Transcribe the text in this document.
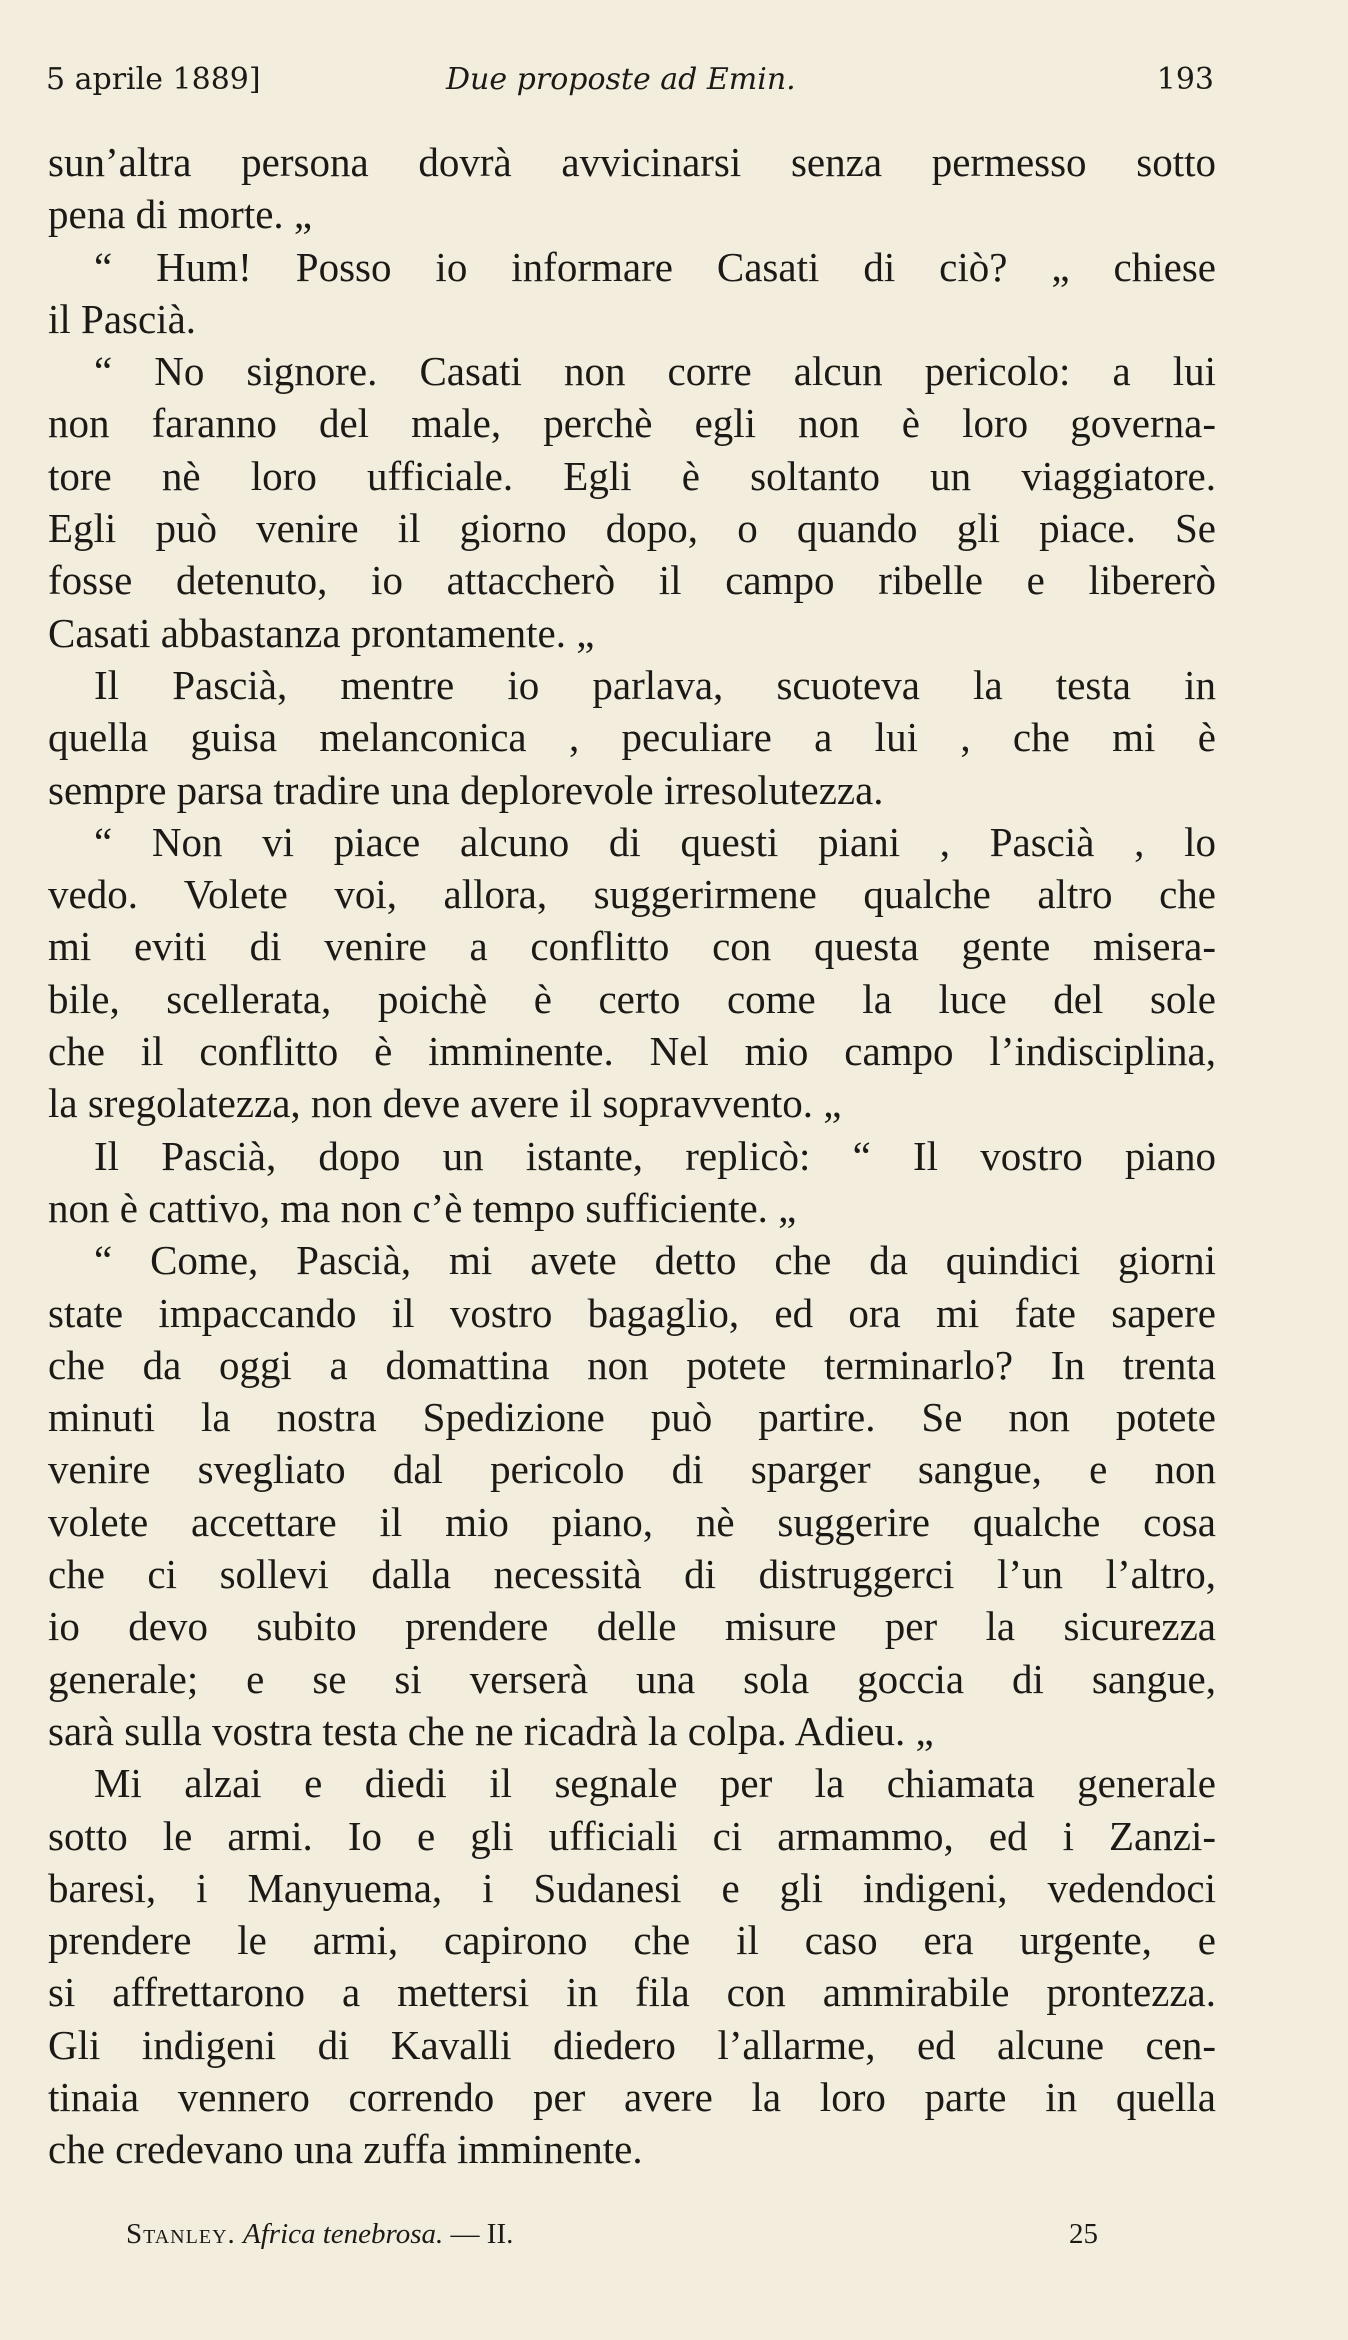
5 aprile 1889]	Due proposte ad Emin.	193
sun’altra persona dovrà avvicinarsi senza permesso sotto
pena di morte. „
“ Hum! Posso io informare Casati di ciò? „ chiese
il Pascià.
“ No signore. Casati non corre alcun pericolo: a lui
non faranno del male, perchè egli non è loro governa-
tore nè loro ufficiale. Egli è soltanto un viaggiatore.
Egli può venire il giorno dopo, o quando gli piace. Se
fosse detenuto, io attaccherò il campo ribelle e libererò
Casati abbastanza prontamente. „
Il Pascià, mentre io parlava, scuoteva la testa in
quella guisa melanconica , peculiare a lui , che mi è
sempre parsa tradire una deplorevole irresolutezza.
“ Non vi piace alcuno di questi piani , Pascià , lo
vedo. Volete voi, allora, suggerirmene qualche altro che
mi eviti di venire a conflitto con questa gente misera-
bile, scellerata, poichè è certo come la luce del sole
che il conflitto è imminente. Nel mio campo l’indisciplina,
la sregolatezza, non deve avere il sopravvento. „
Il Pascià, dopo un istante, replicò: “ Il vostro piano
non è cattivo, ma non c’è tempo sufficiente. „
“ Come, Pascià, mi avete detto che da quindici giorni
state impaccando il vostro bagaglio, ed ora mi fate sapere
che da oggi a domattina non potete terminarlo? In trenta
minuti la nostra Spedizione può partire. Se non potete
venire svegliato dal pericolo di sparger sangue, e non
volete accettare il mio piano, nè suggerire qualche cosa
che ci sollevi dalla necessità di distruggerci l’un l’altro,
io devo subito prendere delle misure per la sicurezza
generale; e se si verserà una sola goccia di sangue,
sarà sulla vostra testa che ne ricadrà la colpa. Adieu. „
Mi alzai e diedi il segnale per la chiamata generale
sotto le armi. Io e gli ufficiali ci armammo, ed i Zanzi-
baresi, i Manyuema, i Sudanesi e gli indigeni, vedendoci
prendere le armi, capirono che il caso era urgente, e
si affrettarono a mettersi in fila con ammirabile prontezza.
Gli indigeni di Kavalli diedero l’allarme, ed alcune cen-
tinaia vennero correndo per avere la loro parte in quella
che credevano una zuffa imminente.
Stanley. Africa tenebrosa. — II.	25
